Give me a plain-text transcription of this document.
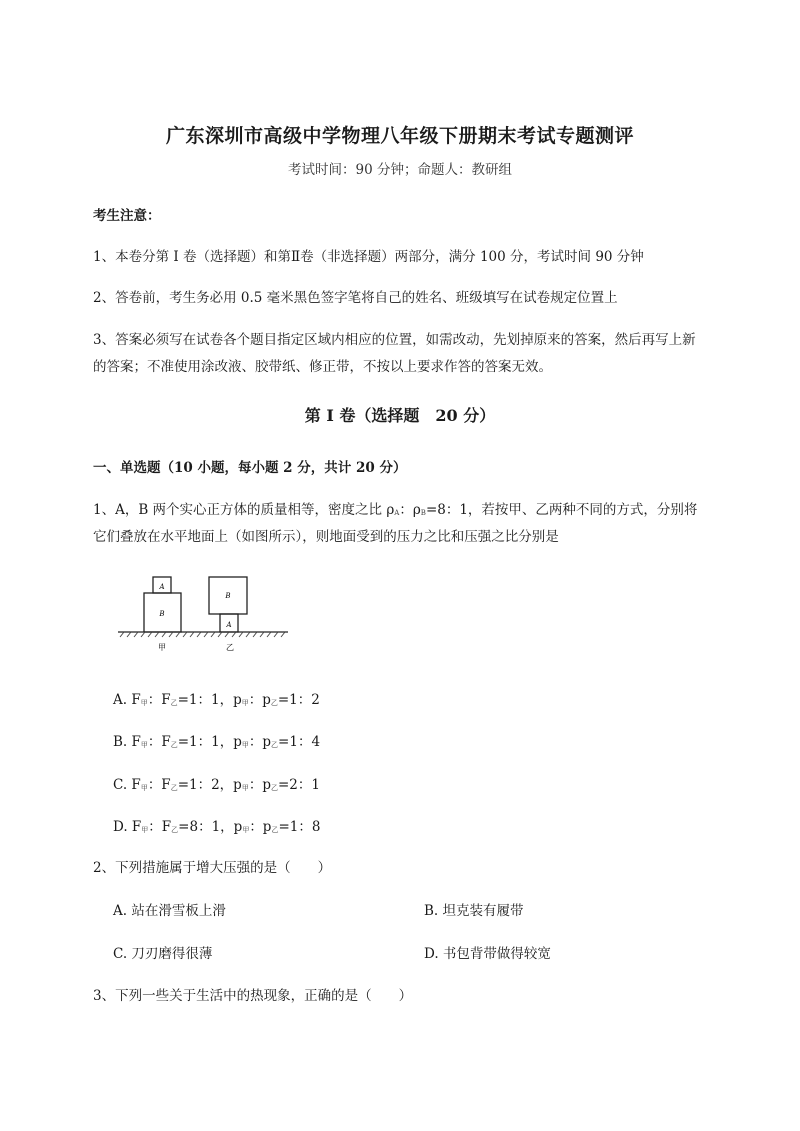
广东深圳市高级中学物理八年级下册期末考试专题测评
考试时间：90 分钟；命题人：教研组
考生注意：
1、本卷分第 I 卷（选择题）和第Ⅱ卷（非选择题）两部分，满分 100 分，考试时间 90 分钟
2、答卷前，考生务必用 0.5 毫米黑色签字笔将自己的姓名、班级填写在试卷规定位置上
3、答案必须写在试卷各个题目指定区域内相应的位置，如需改动，先划掉原来的答案，然后再写上新
的答案；不准使用涂改液、胶带纸、修正带，不按以上要求作答的答案无效。
第 I 卷（选择题　20 分）
一、单选题（10 小题，每小题 2 分，共计 20 分）
1、A，B 两个实心正方体的质量相等，密度之比 $\rho_A$：$\rho_B=8$：1，若按甲、乙两种不同的方式，分别将
它们叠放在水平地面上（如图所示），则地面受到的压力之比和压强之比分别是
A
B
B
A
甲	乙
A. $F_甲$：$F_乙=1$：1，$p_甲$：$p_乙=1$：2
B. $F_甲$：$F_乙=1$：1，$p_甲$：$p_乙=1$：4
C. $F_甲$：$F_乙=1$：2，$p_甲$：$p_乙=2$：1
D. $F_甲$：$F_乙=8$：1，$p_甲$：$p_乙=1$：8
2、下列措施属于增大压强的是（　　）
A. 站在滑雪板上滑	B. 坦克装有履带
C. 刀刃磨得很薄	D. 书包背带做得较宽
3、下列一些关于生活中的热现象，正确的是（　　）
